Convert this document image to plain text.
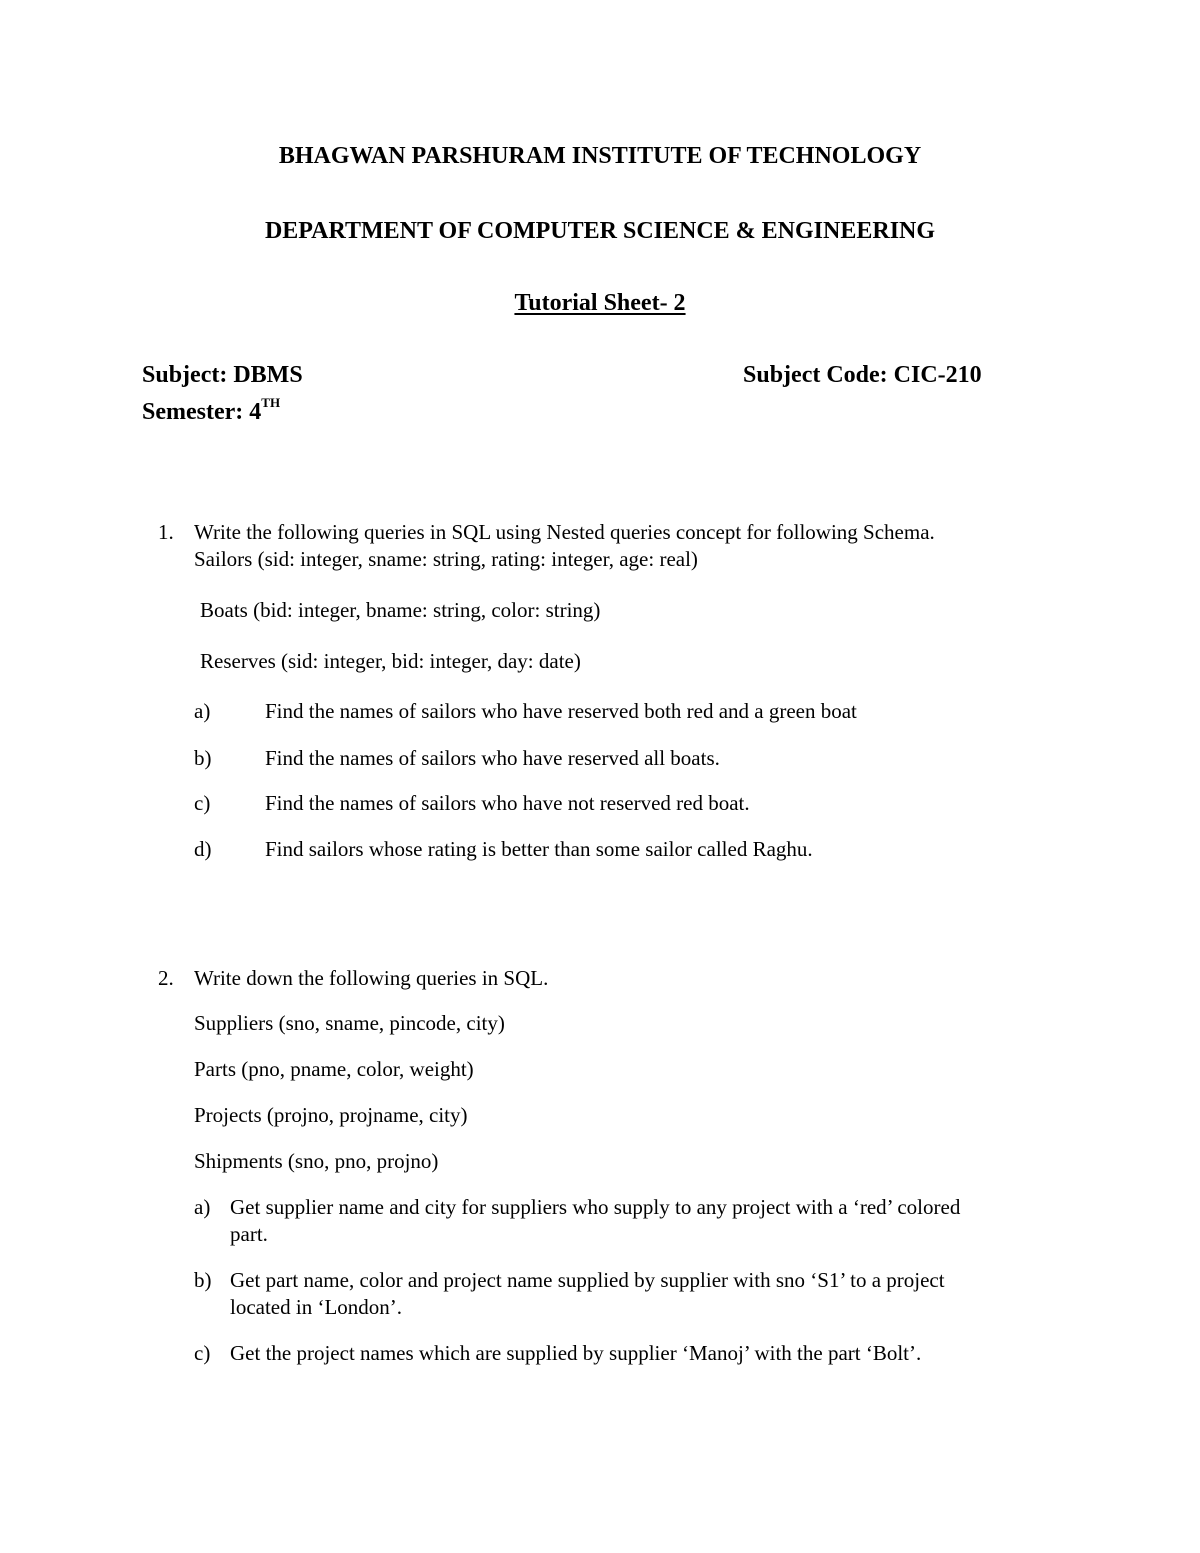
BHAGWAN PARSHURAM INSTITUTE OF TECHNOLOGY
DEPARTMENT OF COMPUTER SCIENCE & ENGINEERING
Tutorial Sheet- 2
Subject: DBMS	Subject Code: CIC-210
Semester: 4TH
1. Write the following queries in SQL using Nested queries concept for following Schema.
Sailors (sid: integer, sname: string, rating: integer, age: real)
Boats (bid: integer, bname: string, color: string)
Reserves (sid: integer, bid: integer, day: date)
a)	Find the names of sailors who have reserved both red and a green boat
b)	Find the names of sailors who have reserved all boats.
c)	Find the names of sailors who have not reserved red boat.
d)	Find sailors whose rating is better than some sailor called Raghu.
2. Write down the following queries in SQL.
Suppliers (sno, sname, pincode, city)
Parts (pno, pname, color, weight)
Projects (projno, projname, city)
Shipments (sno, pno, projno)
a) Get supplier name and city for suppliers who supply to any project with a ‘red’ colored
part.
b) Get part name, color and project name supplied by supplier with sno ‘S1’ to a project
located in ‘London’.
c) Get the project names which are supplied by supplier ‘Manoj’ with the part ‘Bolt’.
